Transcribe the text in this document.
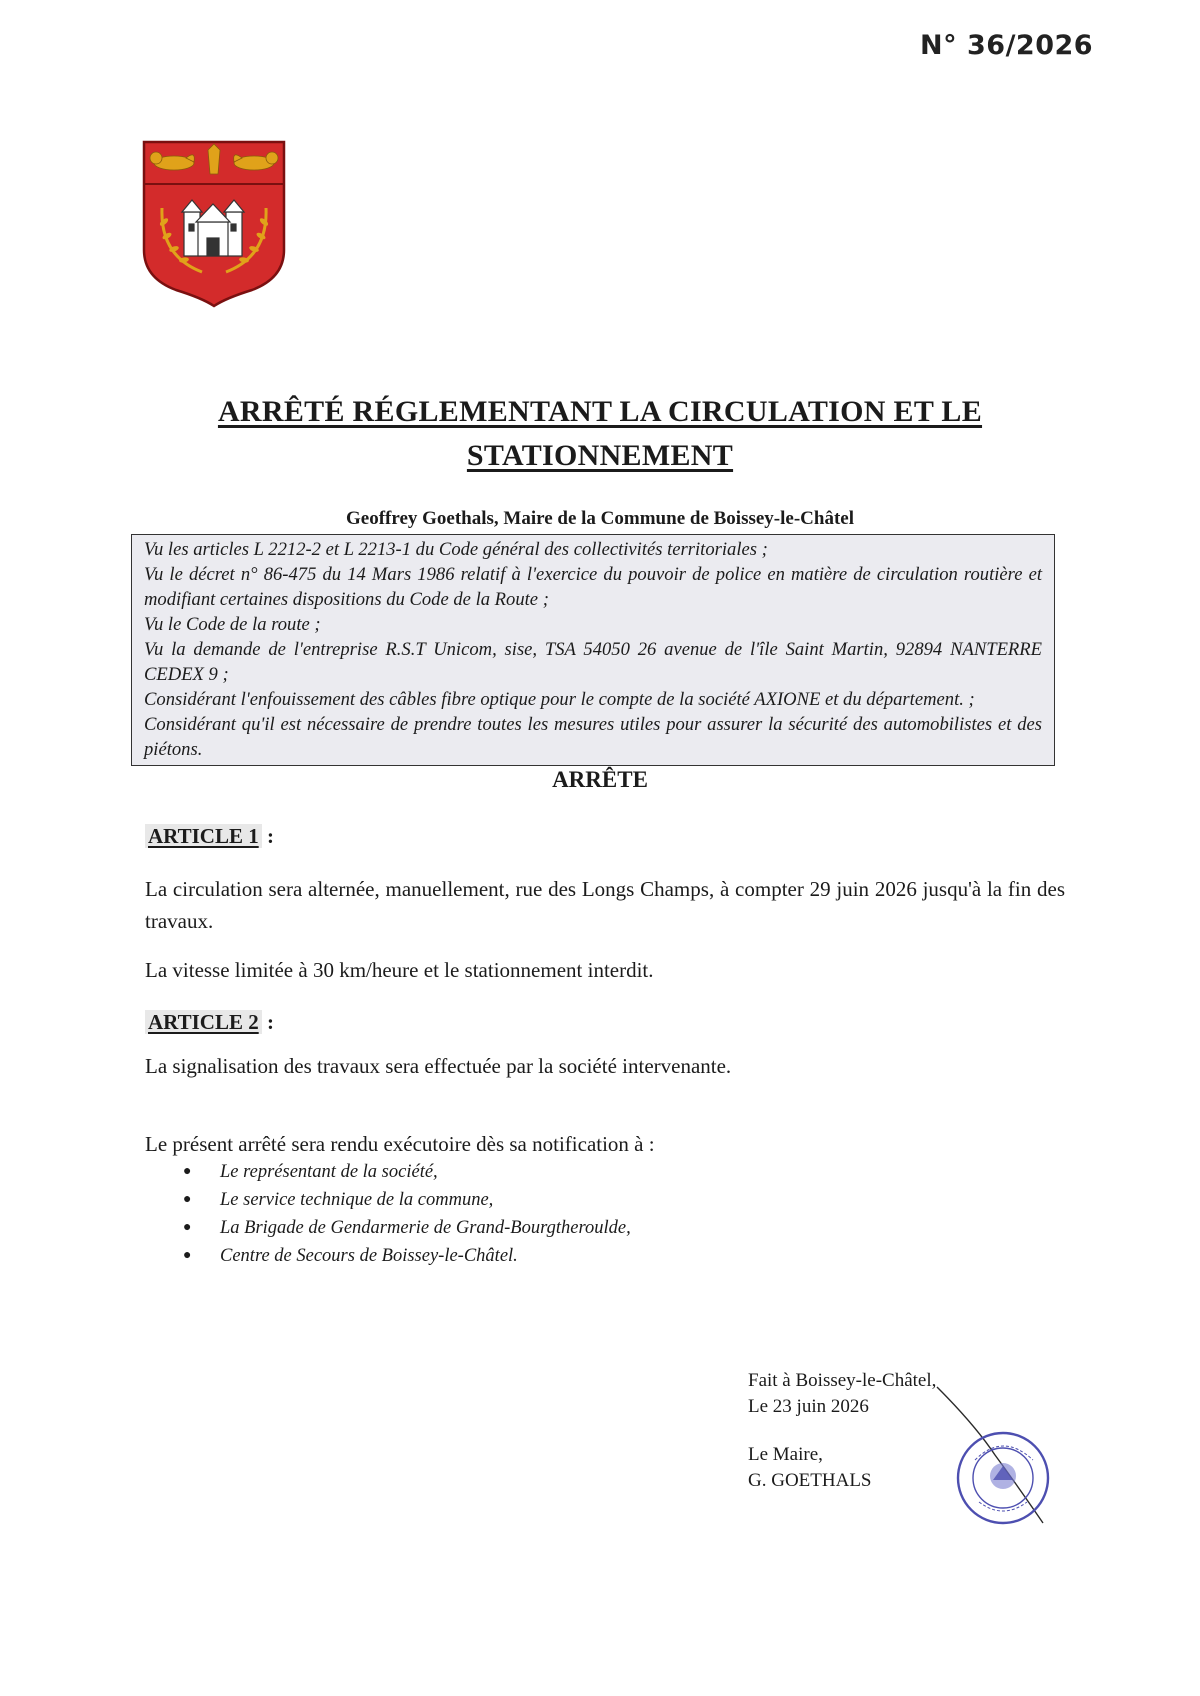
N° 36/2026
ARRÊTÉ RÉGLEMENTANT LA CIRCULATION ET LE
STATIONNEMENT
Geoffrey Goethals, Maire de la Commune de Boissey-le-Châtel

Vu les articles L 2212-2 et L 2213-1 du Code général des collectivités territoriales ;

Vu le décret n° 86-475 du 14 Mars 1986 relatif à l'exercice du pouvoir de police en matière de circulation routière et modifiant certaines dispositions du Code de la Route ;

Vu le Code de la route ;

Vu la demande de l'entreprise R.S.T Unicom, sise, TSA 54050 26 avenue de l'île Saint Martin, 92894 NANTERRE CEDEX 9 ;

Considérant l'enfouissement des câbles fibre optique pour le compte de la société AXIONE et du département. ;

Considérant qu'il est nécessaire de prendre toutes les mesures utiles pour assurer la sécurité des automobilistes et des piétons.

ARRÊTE
ARTICLE 1 :
La circulation sera alternée, manuellement, rue des Longs Champs, à compter 29 juin 2026 jusqu'à la fin des travaux.
La vitesse limitée à 30 km/heure et le stationnement interdit.
ARTICLE 2 :
La signalisation des travaux sera effectuée par la société intervenante.
Le présent arrêté sera rendu exécutoire dès sa notification à :
●	Le représentant de la société,
●	Le service technique de la commune,
●	La Brigade de Gendarmerie de Grand-Bourgtheroulde,
●	Centre de Secours de Boissey-le-Châtel.
Fait à Boissey-le-Châtel,
Le 23 juin 2026
Le Maire,
G. GOETHALS
